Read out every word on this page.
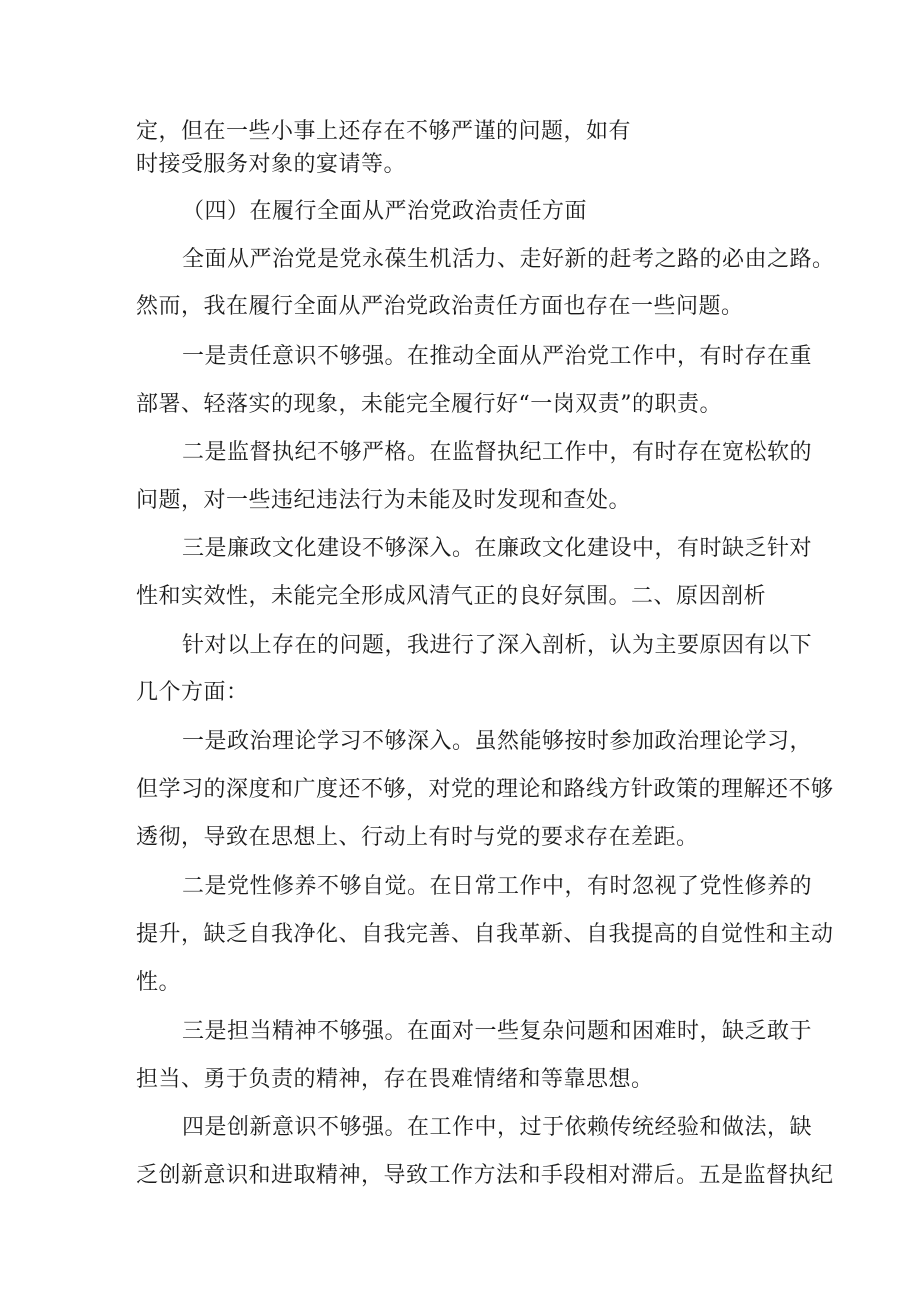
定，但在一些小事上还存在不够严谨的问题，如有
时接受服务对象的宴请等。
（四）在履行全面从严治党政治责任方面
全面从严治党是党永葆生机活力、走好新的赶考之路的必由之路。
然而，我在履行全面从严治党政治责任方面也存在一些问题。
一是责任意识不够强。在推动全面从严治党工作中，有时存在重
部署、轻落实的现象，未能完全履行好“一岗双责”的职责。
二是监督执纪不够严格。在监督执纪工作中，有时存在宽松软的
问题，对一些违纪违法行为未能及时发现和查处。
三是廉政文化建设不够深入。在廉政文化建设中，有时缺乏针对
性和实效性，未能完全形成风清气正的良好氛围。二、原因剖析
针对以上存在的问题，我进行了深入剖析，认为主要原因有以下
几个方面：
一是政治理论学习不够深入。虽然能够按时参加政治理论学习，
但学习的深度和广度还不够，对党的理论和路线方针政策的理解还不够
透彻，导致在思想上、行动上有时与党的要求存在差距。
二是党性修养不够自觉。在日常工作中，有时忽视了党性修养的
提升，缺乏自我净化、自我完善、自我革新、自我提高的自觉性和主动
性。
三是担当精神不够强。在面对一些复杂问题和困难时，缺乏敢于
担当、勇于负责的精神，存在畏难情绪和等靠思想。
四是创新意识不够强。在工作中，过于依赖传统经验和做法，缺
乏创新意识和进取精神，导致工作方法和手段相对滞后。五是监督执纪
